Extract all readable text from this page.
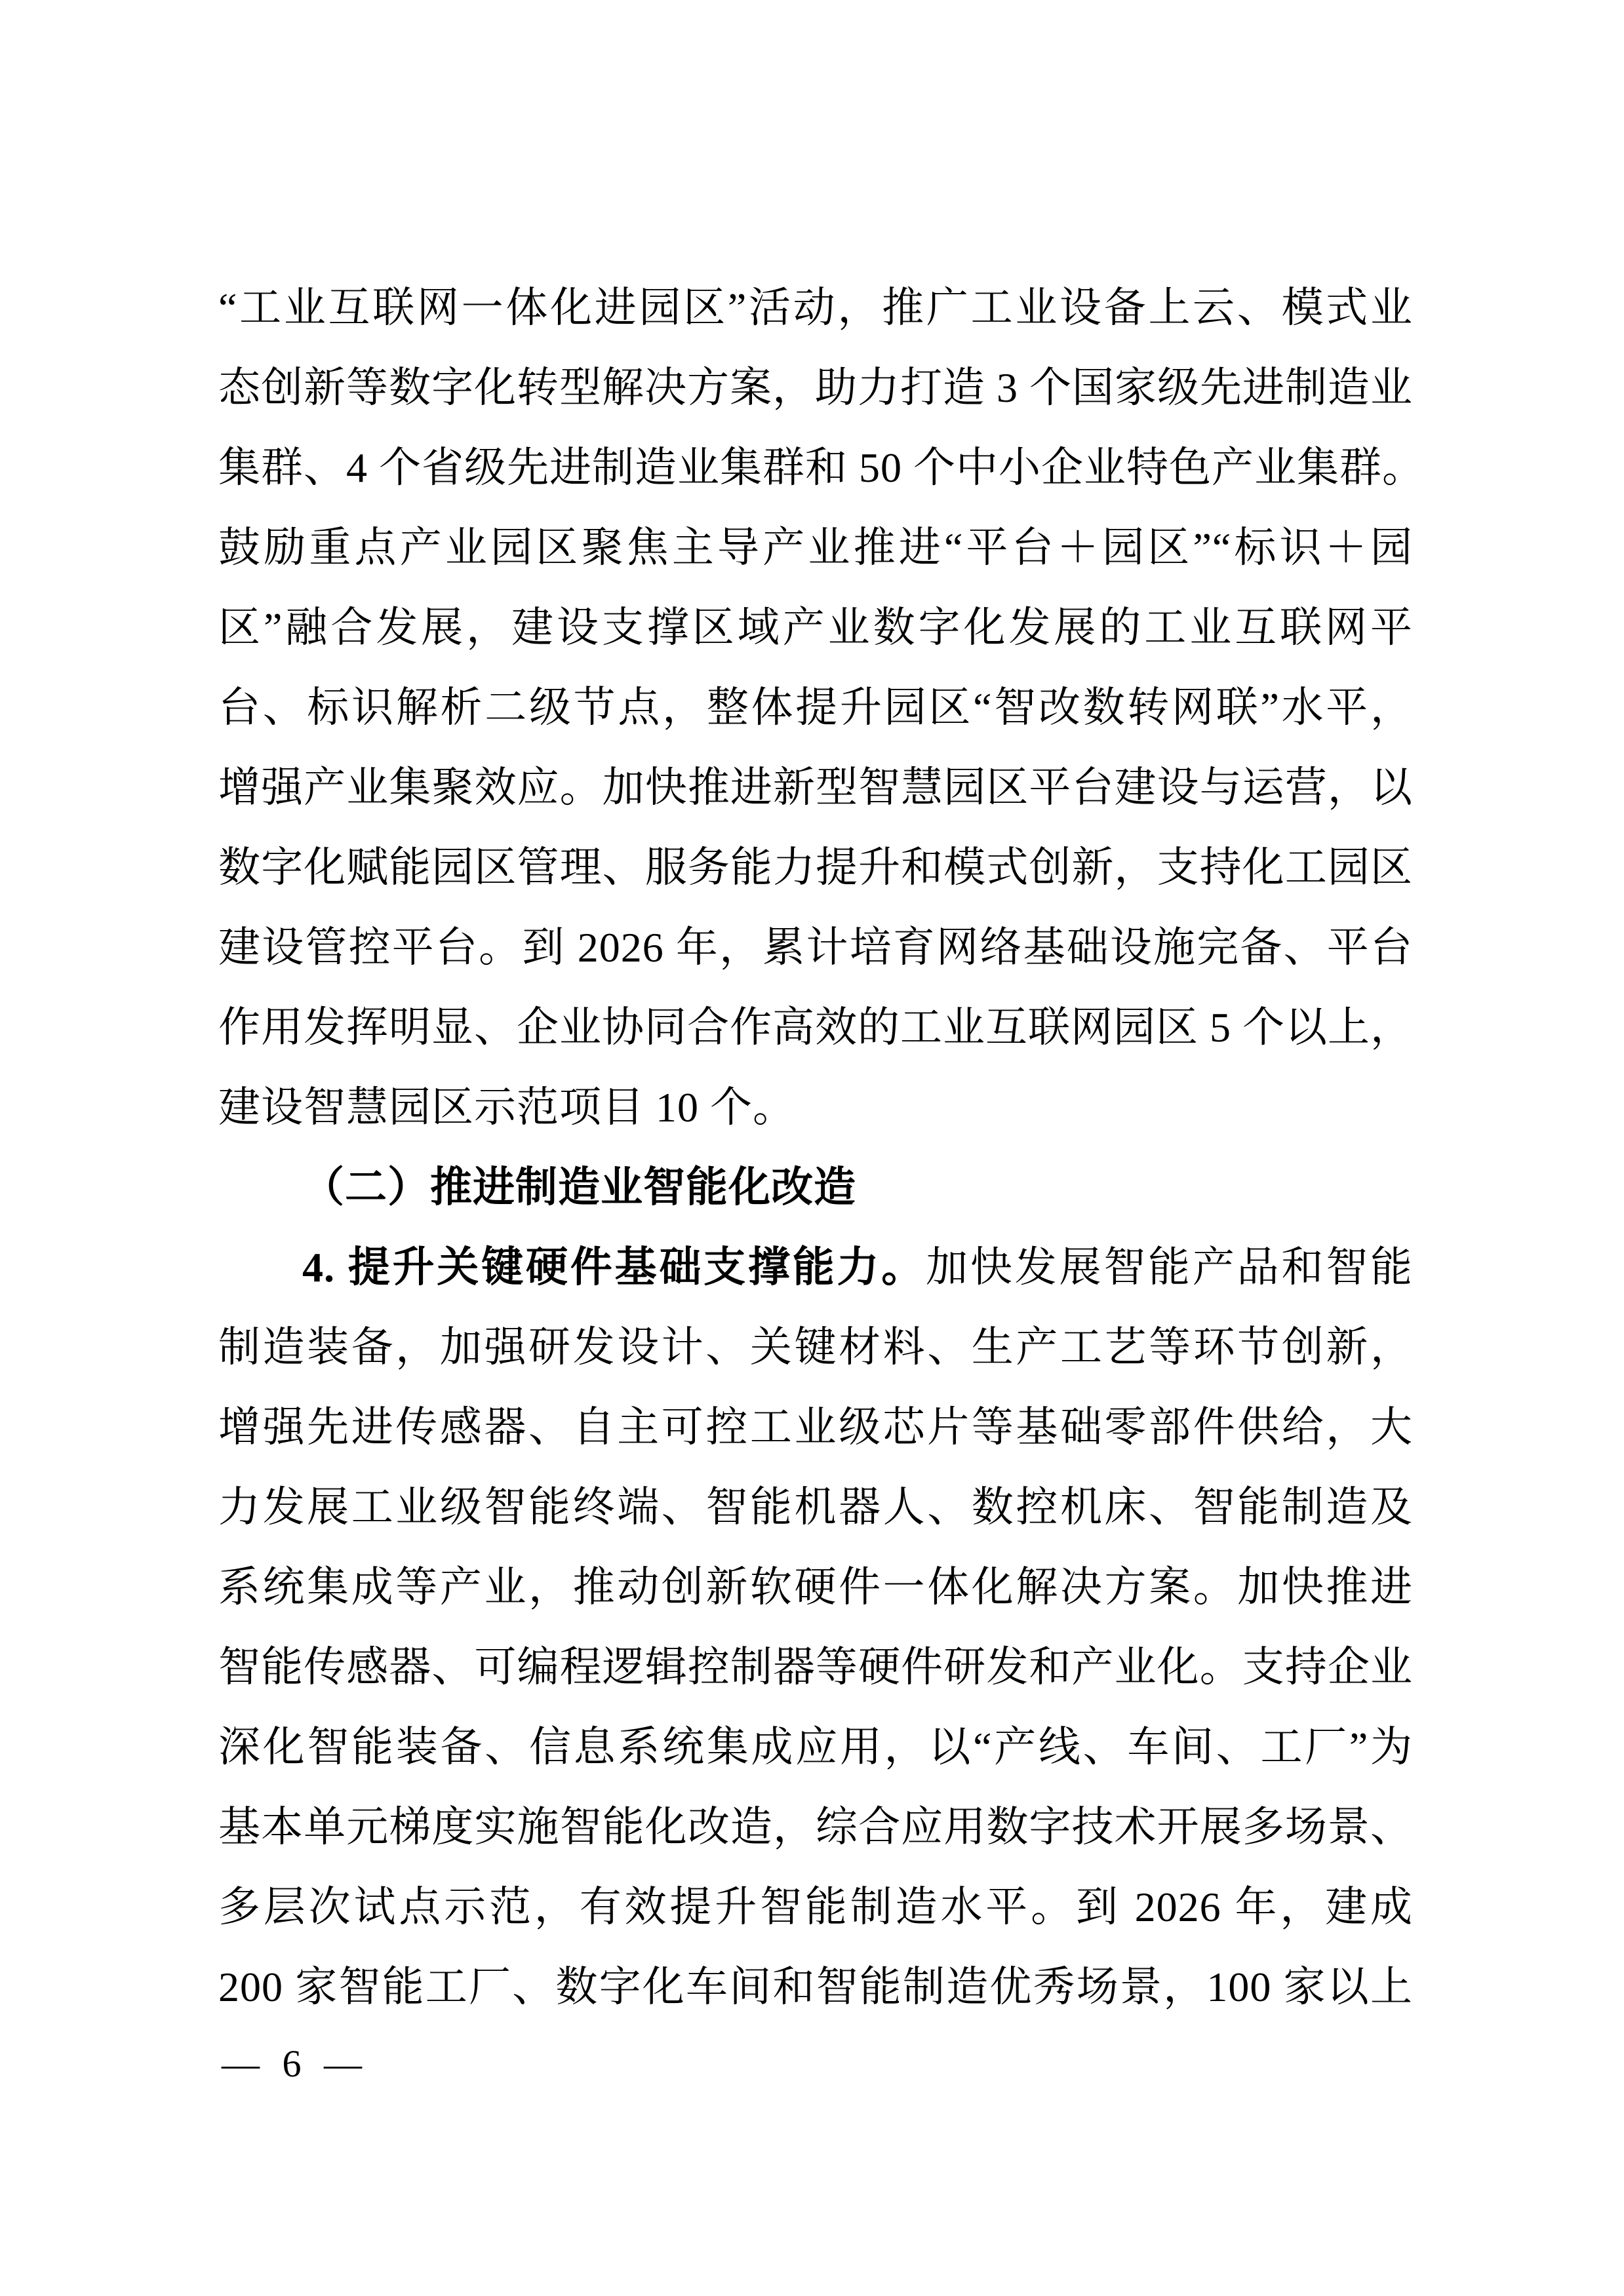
“工业互联网一体化进园区”活动，推广工业设备上云、模式业
态创新等数字化转型解决方案，助力打造 3 个国家级先进制造业
集群、4 个省级先进制造业集群和 50 个中小企业特色产业集群。
鼓励重点产业园区聚焦主导产业推进“平台＋园区”“标识＋园
区”融合发展，建设支撑区域产业数字化发展的工业互联网平
台、标识解析二级节点，整体提升园区“智改数转网联”水平，
增强产业集聚效应。加快推进新型智慧园区平台建设与运营，以
数字化赋能园区管理、服务能力提升和模式创新，支持化工园区
建设管控平台。到 2026 年，累计培育网络基础设施完备、平台
作用发挥明显、企业协同合作高效的工业互联网园区 5 个以上，
建设智慧园区示范项目 10 个。
（二）推进制造业智能化改造
4. 提升关键硬件基础支撑能力。加快发展智能产品和智能
制造装备，加强研发设计、关键材料、生产工艺等环节创新，
增强先进传感器、自主可控工业级芯片等基础零部件供给，大
力发展工业级智能终端、智能机器人、数控机床、智能制造及
系统集成等产业，推动创新软硬件一体化解决方案。加快推进
智能传感器、可编程逻辑控制器等硬件研发和产业化。支持企业
深化智能装备、信息系统集成应用，以“产线、车间、工厂”为
基本单元梯度实施智能化改造，综合应用数字技术开展多场景、
多层次试点示范，有效提升智能制造水平。到 2026 年，建成
200 家智能工厂、数字化车间和智能制造优秀场景，100 家以上
— 6 —
